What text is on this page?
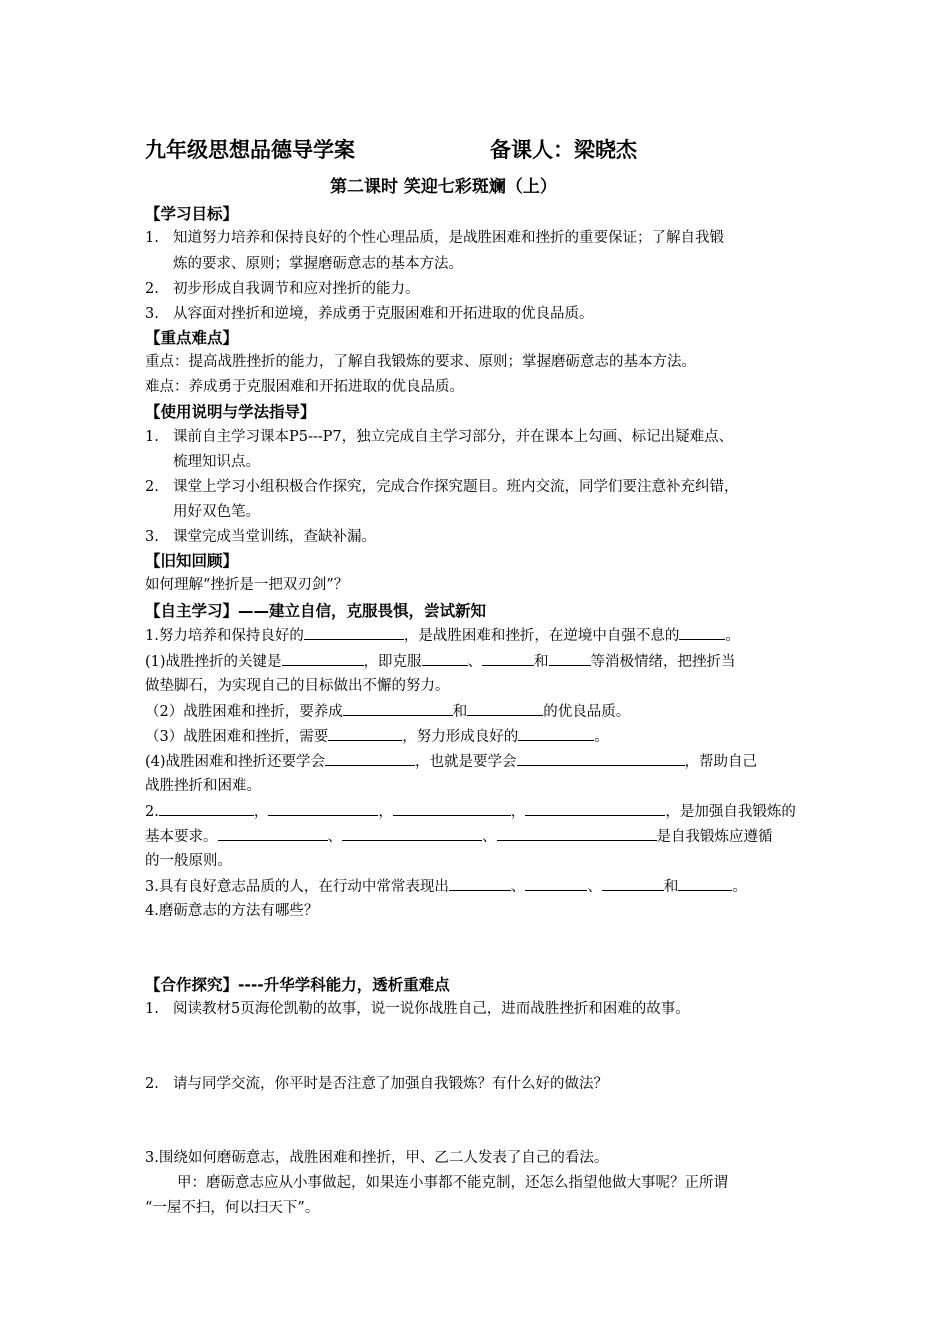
九年级思想品德导学案	备课人：梁晓杰
第二课时 笑迎七彩斑斓（上）
【学习目标】
1. 知道努力培养和保持良好的个性心理品质，是战胜困难和挫折的重要保证；了解自我锻
炼的要求、原则；掌握磨砺意志的基本方法。
2. 初步形成自我调节和应对挫折的能力。
3. 从容面对挫折和逆境，养成勇于克服困难和开拓进取的优良品质。
【重点难点】
重点：提高战胜挫折的能力，了解自我锻炼的要求、原则；掌握磨砺意志的基本方法。
难点：养成勇于克服困难和开拓进取的优良品质。
【使用说明与学法指导】
1. 课前自主学习课本P5---P7，独立完成自主学习部分，并在课本上勾画、标记出疑难点、
梳理知识点。
2. 课堂上学习小组积极合作探究，完成合作探究题目。班内交流，同学们要注意补充纠错，
用好双色笔。
3. 课堂完成当堂训练，查缺补漏。
【旧知回顾】
如何理解“挫折是一把双刃剑”？
【自主学习】——建立自信，克服畏惧，尝试新知
1.努力培养和保持良好的	，是战胜困难和挫折，在逆境中自强不息的	。
(1)战胜挫折的关键是	，即克服	、	和	等消极情绪，把挫折当
做垫脚石，为实现自己的目标做出不懈的努力。
（2）战胜困难和挫折，要养成	和	的优良品质。
（3）战胜困难和挫折，需要	，努力形成良好的	。
(4)战胜困难和挫折还要学会	，也就是要学会	，帮助自己
战胜挫折和困难。
2.	，	，	，	，是加强自我锻炼的
基本要求。	、	、	是自我锻炼应遵循
的一般原则。
3.具有良好意志品质的人，在行动中常常表现出	、	、	和	。
4.磨砺意志的方法有哪些？
【合作探究】----升华学科能力，透析重难点
1. 阅读教材5页海伦凯勒的故事，说一说你战胜自己，进而战胜挫折和困难的故事。
2. 请与同学交流，你平时是否注意了加强自我锻炼？有什么好的做法？
3.围绕如何磨砺意志，战胜困难和挫折，甲、乙二人发表了自己的看法。
甲：磨砺意志应从小事做起，如果连小事都不能克制，还怎么指望他做大事呢？正所谓
“一屋不扫，何以扫天下”。
